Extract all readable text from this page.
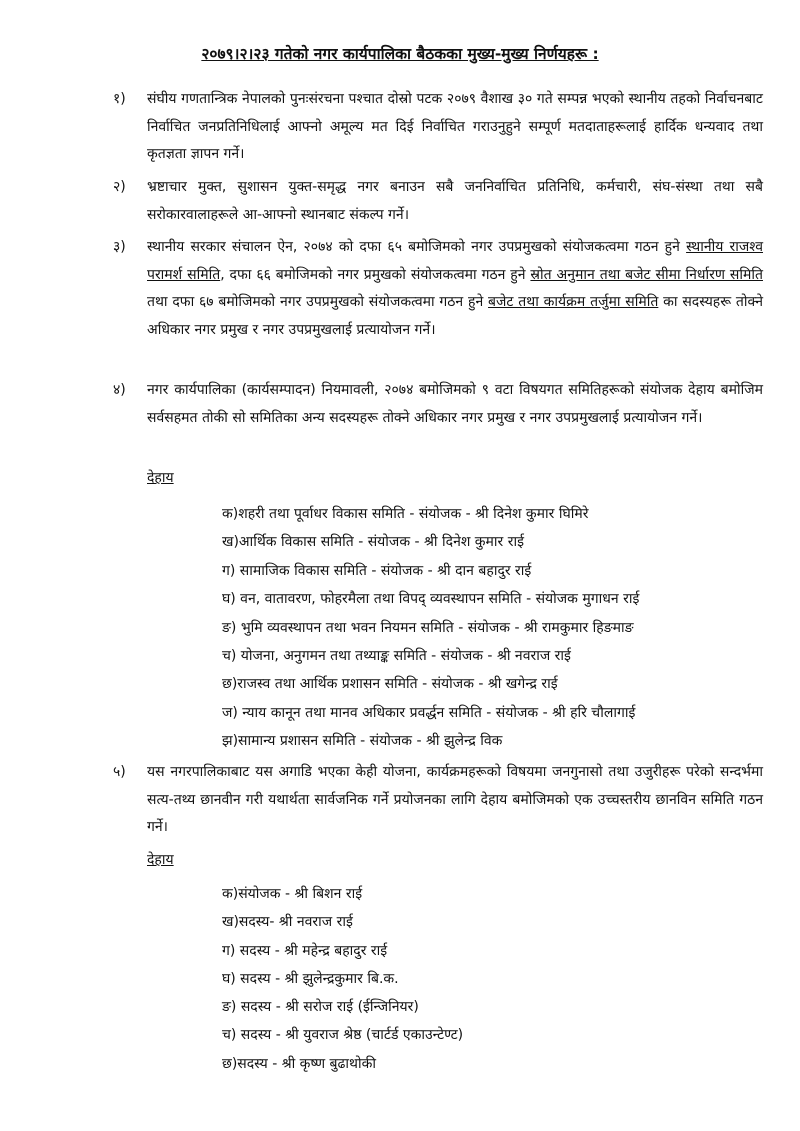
२०७९।२।२३ गतेको नगर कार्यपालिका बैठकका मुख्य-मुख्य निर्णयहरू :
१) संघीय गणतान्त्रिक नेपालको पुनःसंरचना पश्चात दोस्रो पटक २०७९ वैशाख ३० गते सम्पन्न भएको स्थानीय तहको निर्वाचनबाट निर्वाचित जनप्रतिनिधिलाई आफ्नो अमूल्य मत दिई निर्वाचित गराउनुहुने सम्पूर्ण मतदाताहरूलाई हार्दिक धन्यवाद तथा कृतज्ञता ज्ञापन गर्ने।
२) भ्रष्टाचार मुक्त, सुशासन युक्त-समृद्ध नगर बनाउन सबै जननिर्वाचित प्रतिनिधि, कर्मचारी, संघ-संस्था तथा सबै सरोकारवालाहरूले आ-आफ्नो स्थानबाट संकल्प गर्ने।
३) स्थानीय सरकार संचालन ऐन, २०७४ को दफा ६५ बमोजिमको नगर उपप्रमुखको संयोजकत्वमा गठन हुने स्थानीय राजश्व परामर्श समिति, दफा ६६ बमोजिमको नगर प्रमुखको संयोजकत्वमा गठन हुने स्रोत अनुमान तथा बजेट सीमा निर्धारण समिति तथा दफा ६७ बमोजिमको नगर उपप्रमुखको संयोजकत्वमा गठन हुने बजेट तथा कार्यक्रम तर्जुमा समिति का सदस्यहरू तोक्ने अधिकार नगर प्रमुख र नगर उपप्रमुखलाई प्रत्यायोजन गर्ने।
४) नगर कार्यपालिका (कार्यसम्पादन) नियमावली, २०७४ बमोजिमको ९ वटा विषयगत समितिहरूको संयोजक देहाय बमोजिम सर्वसहमत तोकी सो समितिका अन्य सदस्यहरू तोक्ने अधिकार नगर प्रमुख र नगर उपप्रमुखलाई प्रत्यायोजन गर्ने।
देहाय
क)शहरी तथा पूर्वाधर विकास समिति - संयोजक - श्री दिनेश कुमार घिमिरे
ख)आर्थिक विकास समिति - संयोजक - श्री दिनेश कुमार राई
ग) सामाजिक विकास समिति - संयोजक - श्री दान बहादुर राई
घ) वन, वातावरण, फोहरमैला तथा विपद् व्यवस्थापन समिति - संयोजक मुगाधन राई
ङ) भुमि व्यवस्थापन तथा भवन नियमन समिति - संयोजक - श्री रामकुमार हिङमाङ
च) योजना, अनुगमन तथा तथ्याङ्क समिति - संयोजक - श्री नवराज राई
छ)राजस्व तथा आर्थिक प्रशासन समिति - संयोजक - श्री खगेन्द्र राई
ज) न्याय कानून तथा मानव अधिकार प्रवर्द्धन समिति - संयोजक - श्री हरि चौलागाई
झ)सामान्य प्रशासन समिति - संयोजक - श्री झुलेन्द्र विक
५) यस नगरपालिकाबाट यस अगाडि भएका केही योजना, कार्यक्रमहरूको विषयमा जनगुनासो तथा उजुरीहरू परेको सन्दर्भमा सत्य-तथ्य छानवीन गरी यथार्थता सार्वजनिक गर्ने प्रयोजनका लागि देहाय बमोजिमको एक उच्चस्तरीय छानविन समिति गठन गर्ने।
देहाय
क)संयोजक - श्री बिशन राई
ख)सदस्य- श्री नवराज राई
ग) सदस्य - श्री महेन्द्र बहादुर राई
घ) सदस्य - श्री झुलेन्द्रकुमार बि.क.
ङ) सदस्य - श्री सरोज राई (ईन्जिनियर)
च) सदस्य - श्री युवराज श्रेष्ठ (चार्टर्ड एकाउन्टेण्ट)
छ)सदस्य - श्री कृष्ण बुढाथोकी
